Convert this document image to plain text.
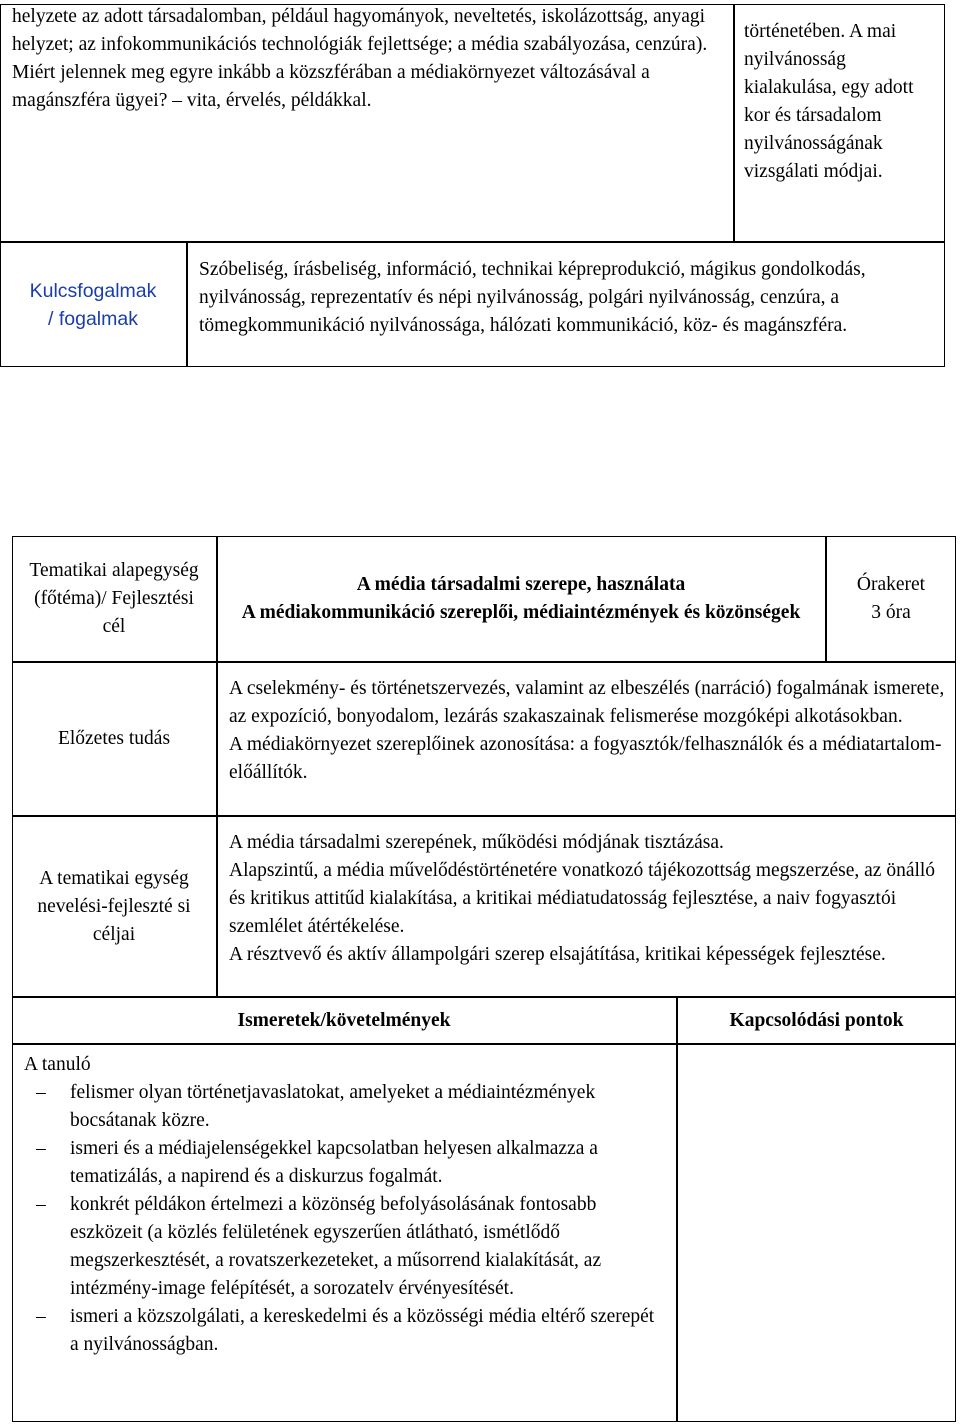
helyzete az adott társadalomban, például hagyományok, neveltetés, iskolázottság, anyagi helyzet; az infokommunikációs technológiák fejlettsége; a média szabályozása, cenzúra).

Miért jelennek meg egyre inkább a közszférában a médiakörnyezet változásával a magánszféra ügyei? – vita, érvelés, példákkal.

történetében. A mai nyilvánosság kialakulása, egy adott kor és társadalom nyilvánosságának vizsgálati módjai.

Kulcsfogalmak
/ fogalmak

Szóbeliség, írásbeliség, információ, technikai képreprodukció, mágikus gondolkodás, nyilvánosság, reprezentatív és népi nyilvánosság, polgári nyilvánosság, cenzúra, a tömegkommunikáció nyilvánossága, hálózati kommunikáció, köz- és magánszféra.

Tematikai alapegység (főtéma)/ Fejlesztési cél
A média társadalmi szerepe, használata
A médiakommunikáció szereplői, médiaintézmények és közönségek
Órakeret
3 óra
Előzetes tudás

A cselekmény- és történetszervezés, valamint az elbeszélés (narráció) fogalmának ismerete, az expozíció, bonyodalom, lezárás szakaszainak felismerése mozgóképi alkotásokban.

A médiakörnyezet szereplőinek azonosítása: a fogyasztók/felhasználók és a médiatartalom-előállítók.

A tematikai egység nevelési-fejleszté si céljai

A média társadalmi szerepének, működési módjának tisztázása.

Alapszintű, a média művelődéstörténetére vonatkozó tájékozottság megszerzése, az önálló és kritikus attitűd kialakítása, a kritikai médiatudatosság fejlesztése, a naiv fogyasztói szemlélet átértékelése.

A résztvevő és aktív állampolgári szerep elsajátítása, kritikai képességek fejlesztése.

Ismeretek/követelmények	Kapcsolódási pontok

A tanuló

– felismer olyan történetjavaslatokat, amelyeket a médiaintézmények bocsátanak közre.
– ismeri és a médiajelenségekkel kapcsolatban helyesen alkalmazza a tematizálás, a napirend és a diskurzus fogalmát.
– konkrét példákon értelmezi a közönség befolyásolásának fontosabb eszközeit (a közlés felületének egyszerűen átlátható, ismétlődő megszerkesztését, a rovatszerkezeteket, a műsorrend kialakítását, az intézmény-image felépítését, a sorozatelv érvényesítését.
– ismeri a közszolgálati, a kereskedelmi és a közösségi média eltérő szerepét a nyilvánosságban.
